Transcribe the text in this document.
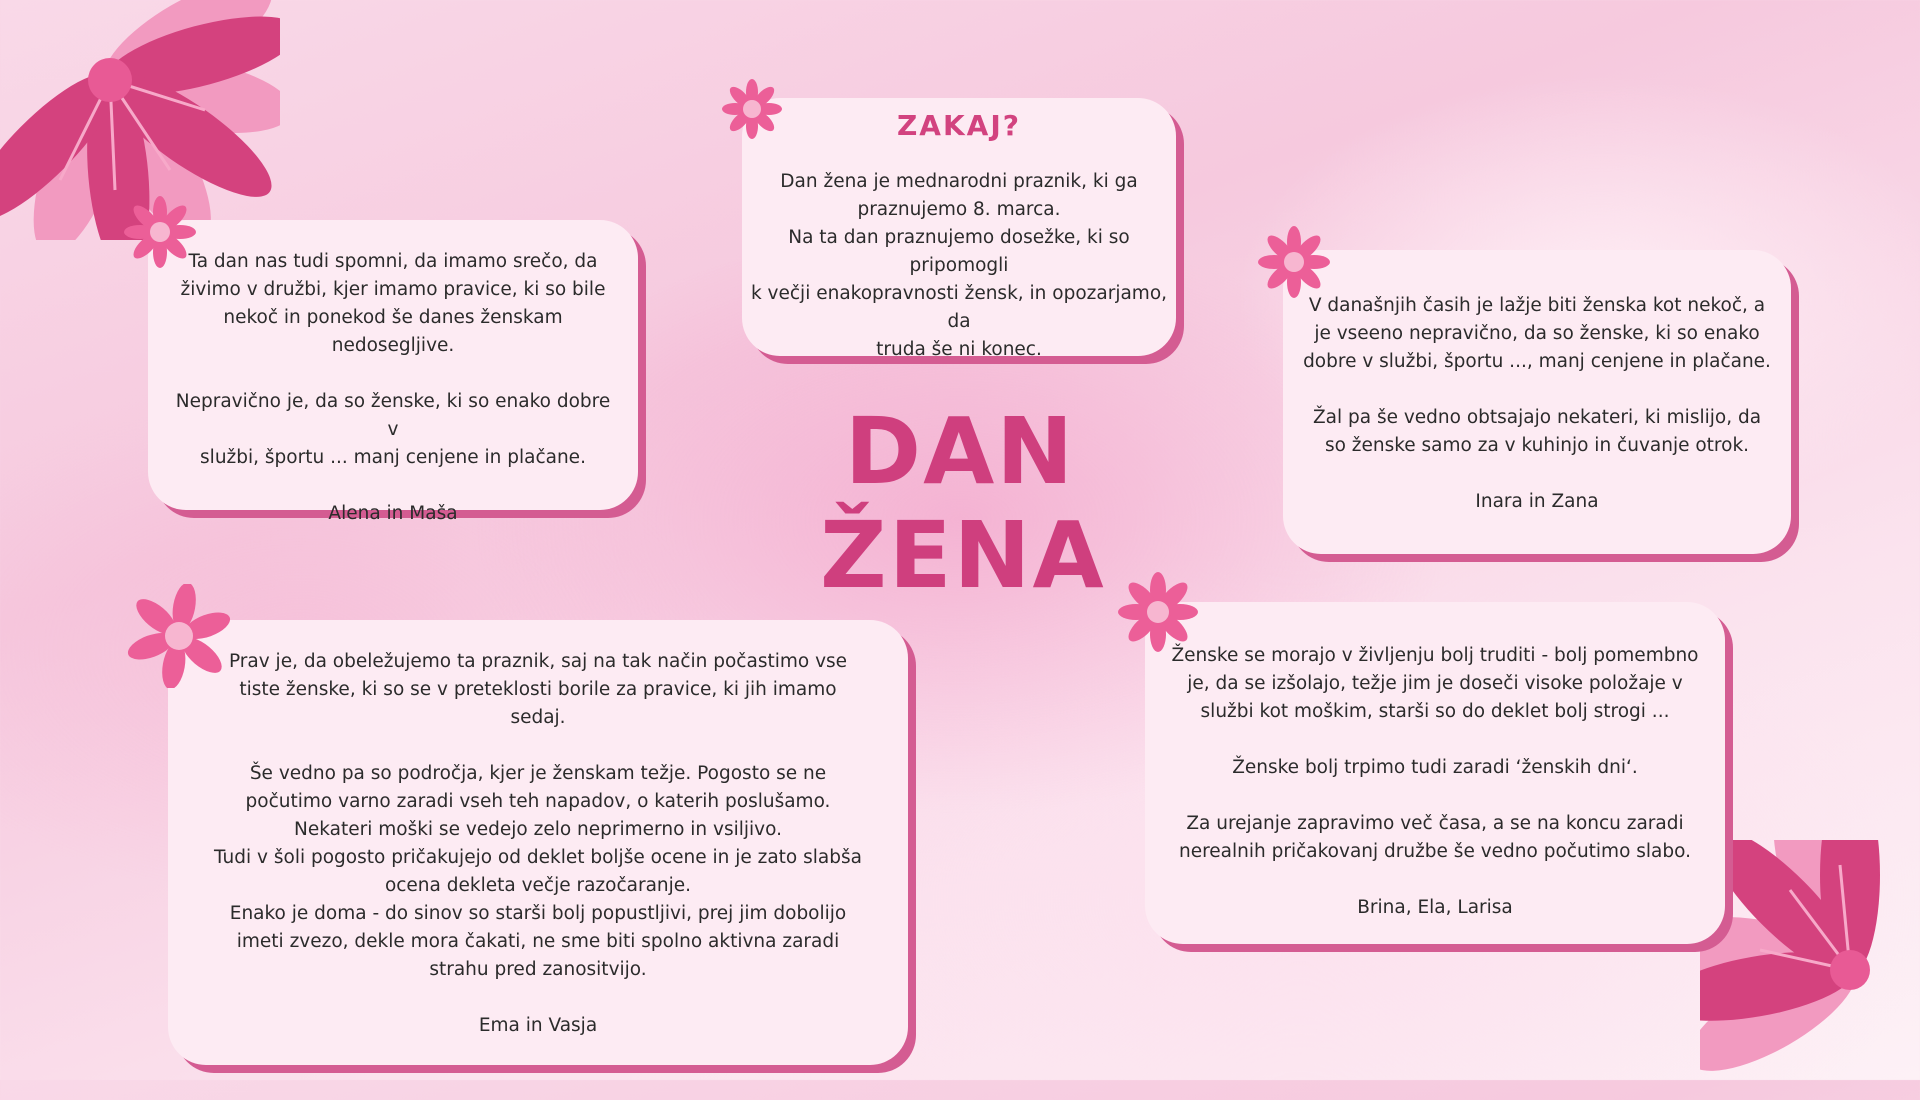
Ta dan nas tudi spomni, da imamo srečo, da
živimo v družbi, kjer imamo pravice, ki so bile
nekoč in ponekod še danes ženskam nedosegljive.

Nepravično je, da so ženske, ki so enako dobre v
službi, športu ... manj cenjene in plačane.

Alena in Maša

ZAKAJ?

Dan žena je mednarodni praznik, ki ga
praznujemo 8. marca.
Na ta dan praznujemo dosežke, ki so pripomogli
k večji enakopravnosti žensk, in opozarjamo, da
truda še ni konec.

DAN
ŽENA

V današnjih časih je lažje biti ženska kot nekoč, a
je vseeno nepravično, da so ženske, ki so enako
dobre v službi, športu ..., manj cenjene in plačane.

Žal pa še vedno obtsajajo nekateri, ki mislijo, da
so ženske samo za v kuhinjo in čuvanje otrok.

Inara in Zana

Prav je, da obeležujemo ta praznik, saj na tak način počastimo vse
tiste ženske, ki so se v preteklosti borile za pravice, ki jih imamo
sedaj.

Še vedno pa so področja, kjer je ženskam težje. Pogosto se ne
počutimo varno zaradi vseh teh napadov, o katerih poslušamo.
Nekateri moški se vedejo zelo neprimerno in vsiljivo.
Tudi v šoli pogosto pričakujejo od deklet boljše ocene in je zato slabša
ocena dekleta večje razočaranje.
Enako je doma - do sinov so starši bolj popustljivi, prej jim dobolijo
imeti zvezo, dekle mora čakati, ne sme biti spolno aktivna zaradi
strahu pred zanositvijo.

Ema in Vasja

Ženske se morajo v življenju bolj truditi - bolj pomembno
je, da se izšolajo, težje jim je doseči visoke položaje v
službi kot moškim, starši so do deklet bolj strogi ...

Ženske bolj trpimo tudi zaradi ‘ženskih dni‘.

Za urejanje zapravimo več časa, a se na koncu zaradi
nerealnih pričakovanj družbe še vedno počutimo slabo.

Brina, Ela, Larisa
